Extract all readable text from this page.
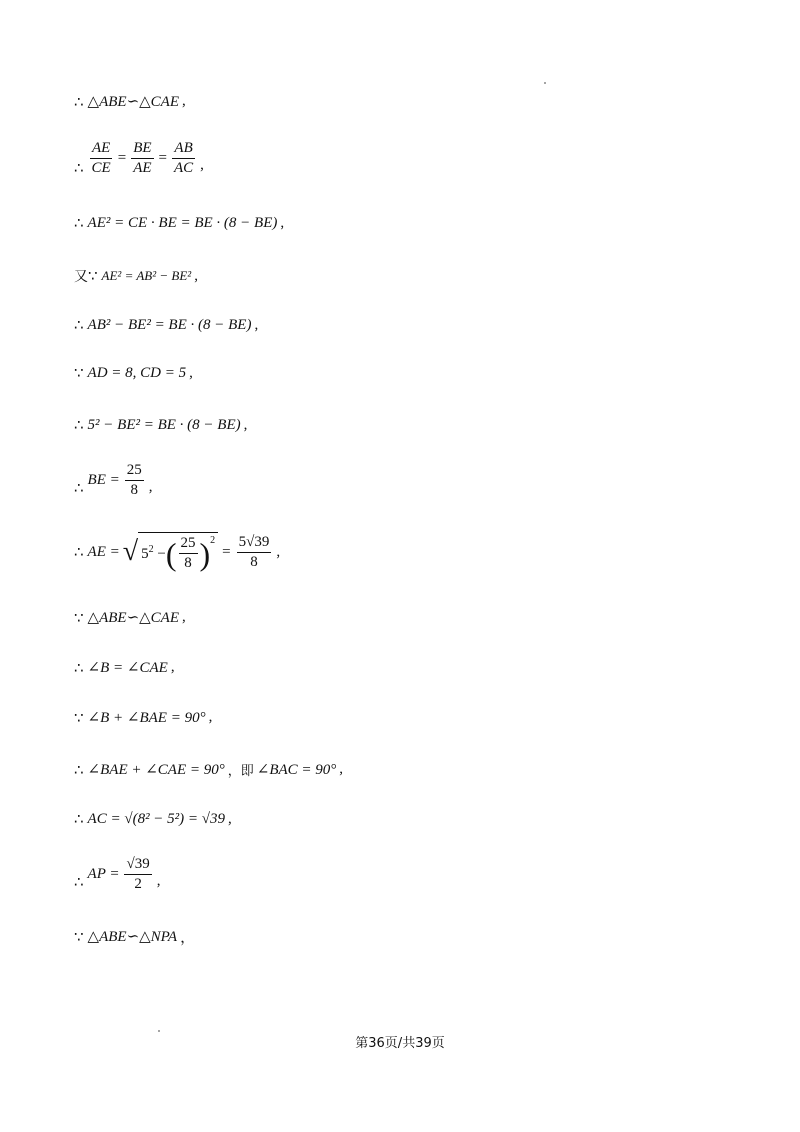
∴ △ABE∽△CAE ,
∴ $\frac{AE}{CE} = \frac{BE}{AE} = \frac{AB}{AC}$ ,
∴ AE² = CE · BE = BE · (8 − BE) ,
又 ∵ AE² = AB² − BE² ,
∴ AB² − BE² = BE · (8 − BE) ,
∵ AD = 8, CD = 5 ,
∴ 5² − BE² = BE · (8 − BE) ,
∴ BE = $\frac{25}{8}$ ,
∴ AE = √ $5^2$ − ( $\frac{25}{8} )^2$
= $\frac{5√39}{8}$ ,
∵ △ABE∽△CAE ,
∴ ∠B = ∠CAE ,
∵ ∠B + ∠BAE = 90° ,
∴ ∠BAE + ∠CAE = 90° ，即 ∠BAC = 90° ,
∴ AC = √(8² − 5²) = √39 ,
∴ AP = $\frac{√39}{2}$ ,
∵ △ABE∽△NPA ，
第36页/共39页
